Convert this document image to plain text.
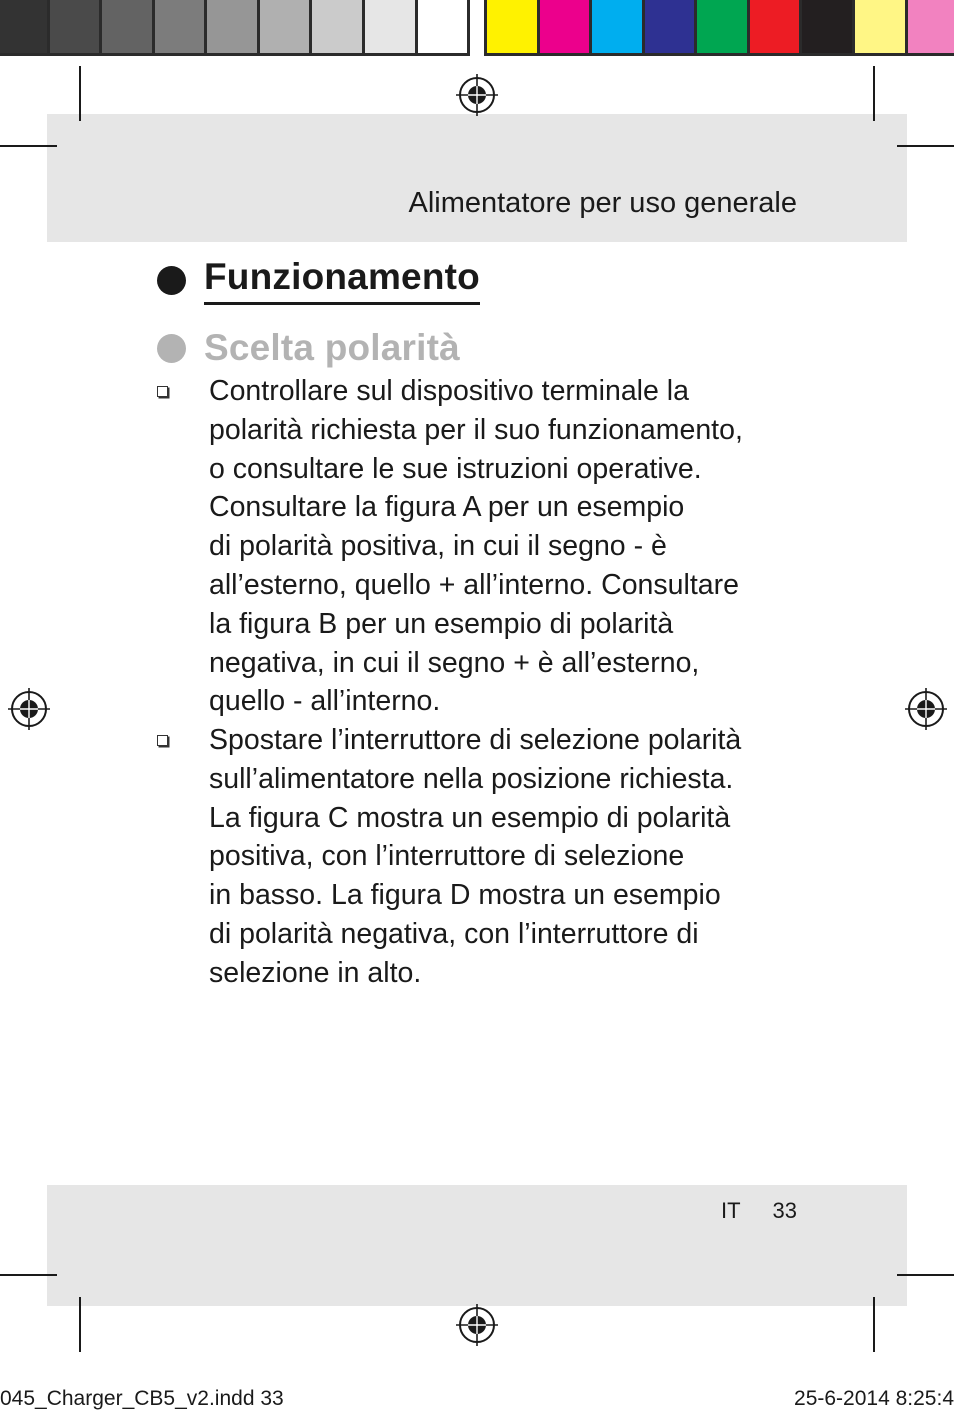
Alimentatore per uso generale
Funzionamento
Scelta polarità

Controllare sul dispositivo terminale la

polarità richiesta per il suo funzionamento,

o consultare le sue istruzioni operative.

Consultare la figura A per un esempio

di polarità positiva, in cui il segno - è

all’esterno, quello + all’interno. Consultare

la figura B per un esempio di polarità

negativa, in cui il segno + è all’esterno,

quello - all’interno.

Spostare l’interruttore di selezione polarità

sull’alimentatore nella posizione richiesta.

La figura C mostra un esempio di polarità

positiva, con l’interruttore di selezione

in basso. La figura D mostra un esempio

di polarità negativa, con l’interruttore di

selezione in alto.

IT 33
045_Charger_CB5_v2.indd 33	25-6-2014 8:25:4
